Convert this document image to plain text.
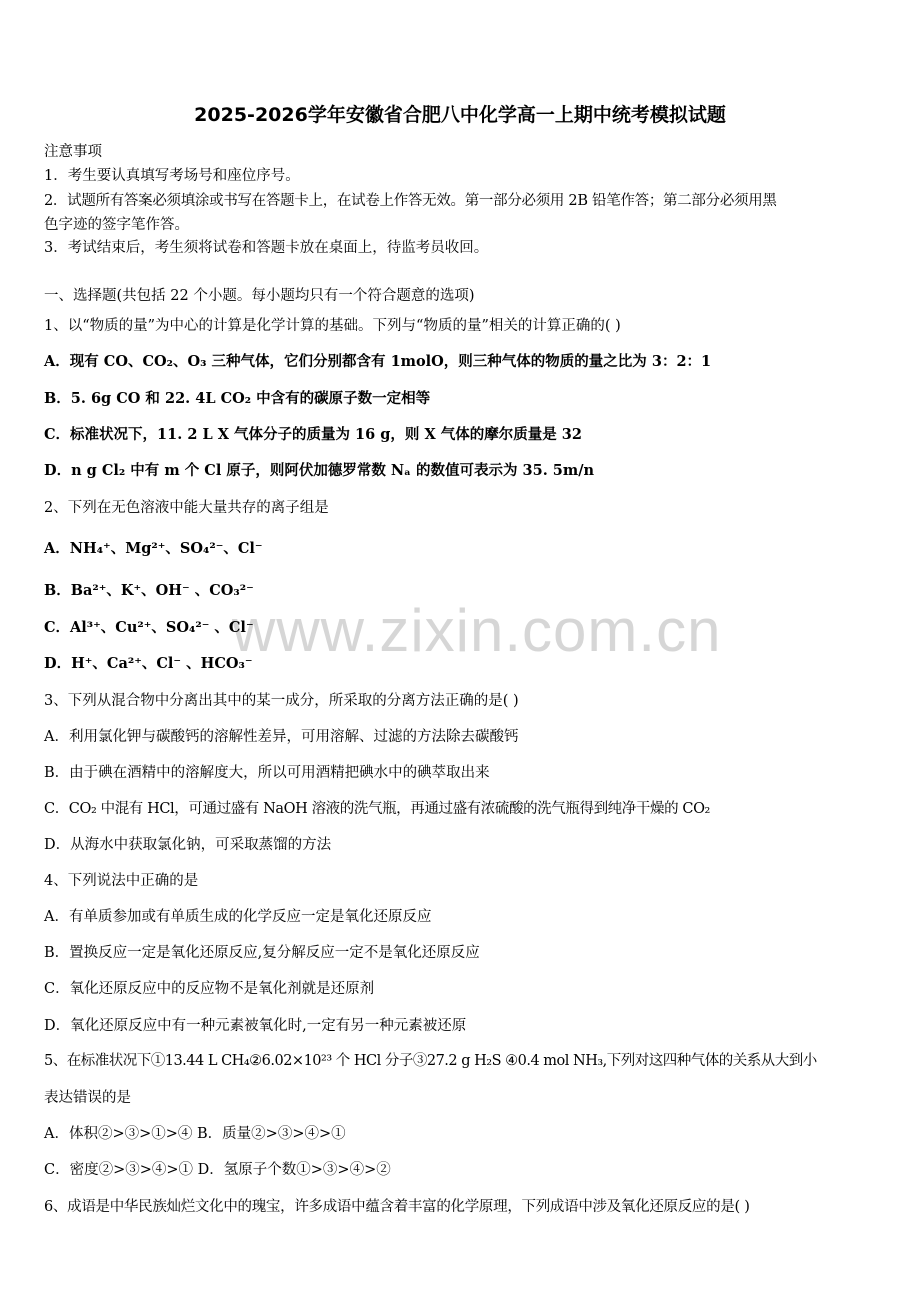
www.zixin.com.cn
2025-2026学年安徽省合肥八中化学高一上期中统考模拟试题
注意事项
1．考生要认真填写考场号和座位序号。
2．试题所有答案必须填涂或书写在答题卡上，在试卷上作答无效。第一部分必须用 2B 铅笔作答；第二部分必须用黑
色字迹的签字笔作答。
3．考试结束后，考生须将试卷和答题卡放在桌面上，待监考员收回。
一、选择题(共包括 22 个小题。每小题均只有一个符合题意的选项)
1、以“物质的量”为中心的计算是化学计算的基础。下列与“物质的量”相关的计算正确的( )
A．现有 CO、CO₂、O₃ 三种气体，它们分别都含有 1molO，则三种气体的物质的量之比为 3：2：1
B．5. 6g CO 和 22. 4L CO₂ 中含有的碳原子数一定相等
C．标准状况下，11. 2 L X 气体分子的质量为 16 g，则 X 气体的摩尔质量是 32
D．n g Cl₂ 中有 m 个 Cl 原子，则阿伏加德罗常数 Nₐ 的数值可表示为 35. 5m/n
2、下列在无色溶液中能大量共存的离子组是
A．NH₄⁺、Mg²⁺、SO₄²⁻、Cl⁻
B．Ba²⁺、K⁺、OH⁻ 、CO₃²⁻
C．Al³⁺、Cu²⁺、SO₄²⁻ 、Cl⁻
D．H⁺、Ca²⁺、Cl⁻ 、HCO₃⁻
3、下列从混合物中分离出其中的某一成分，所采取的分离方法正确的是( )
A．利用氯化钾与碳酸钙的溶解性差异，可用溶解、过滤的方法除去碳酸钙
B．由于碘在酒精中的溶解度大，所以可用酒精把碘水中的碘萃取出来
C．CO₂ 中混有 HCl，可通过盛有 NaOH 溶液的洗气瓶，再通过盛有浓硫酸的洗气瓶得到纯净干燥的 CO₂
D．从海水中获取氯化钠，可采取蒸馏的方法
4、下列说法中正确的是
A．有单质参加或有单质生成的化学反应一定是氧化还原反应
B．置换反应一定是氧化还原反应,复分解反应一定不是氧化还原反应
C．氧化还原反应中的反应物不是氧化剂就是还原剂
D．氧化还原反应中有一种元素被氧化时,一定有另一种元素被还原
5、在标准状况下①13.44 L CH₄②6.02×10²³ 个 HCl 分子③27.2 g H₂S ④0.4 mol NH₃,下列对这四种气体的关系从大到小
表达错误的是
A．体积②>③>①>④ B．质量②>③>④>①
C．密度②>③>④>① D．氢原子个数①>③>④>②
6、成语是中华民族灿烂文化中的瑰宝，许多成语中蕴含着丰富的化学原理，下列成语中涉及氧化还原反应的是( )
